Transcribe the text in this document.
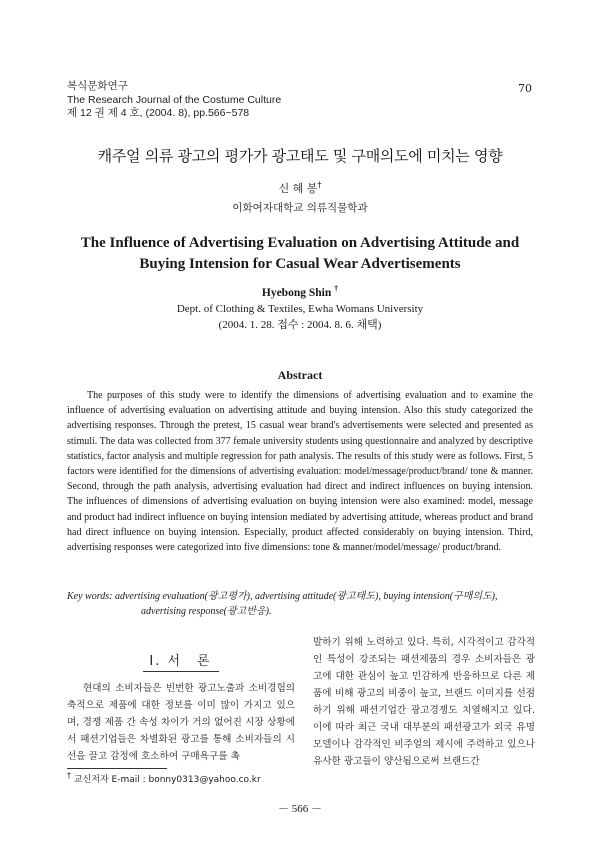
복식문화연구
The Research Journal of the Costume Culture
제 12 권 제 4 호, (2004. 8), pp.566~578
70
캐주얼 의류 광고의 평가가 광고태도 및 구매의도에 미치는 영향
신 혜 봉†
이화여자대학교 의류직물학과
The Influence of Advertising Evaluation on Advertising Attitude and
Buying Intension for Casual Wear Advertisements
Hyebong Shin †
Dept. of Clothing & Textiles, Ewha Womans University
(2004. 1. 28. 접수 : 2004. 8. 6. 채택)
Abstract

The purposes of this study were to identify the dimensions of advertising evaluation and to examine the influence of advertising evaluation on advertising attitude and buying intension. Also this study categorized the advertising responses. Through the pretest, 15 casual wear brand's advertisements were selected and presented as stimuli. The data was collected from 377 female university students using questionnaire and analyzed by descriptive statistics, factor analysis and multiple regression for path analysis. The results of this study were as follows. First, 5 factors were identified for the dimensions of advertising evaluation: model/message/product/brand/ tone & manner. Second, through the path analysis, advertising evaluation had direct and indirect influences on buying intension. The influences of dimensions of advertising evaluation on buying intension were also examined: model, message and product had indirect influence on buying intension mediated by advertising attitude, whereas product and brand had direct influence on buying intension. Especially, product affected considerably on buying intension. Third, advertising responses were categorized into five dimensions: tone & manner/model/message/ product/brand.

Key words: advertising evaluation(광고평가), advertising attitude(광고태도), buying intension(구매의도),
advertising response(광고반응).
Ⅰ. 서　론

현대의 소비자들은 빈번한 광고노출과 소비경험의 축적으로 제품에 대한 정보를 이미 많이 가지고 있으며, 경쟁 제품 간 속성 차이가 거의 없어진 시장 상황에서 패션기업들은 차별화된 광고를 통해 소비자들의 시선을 끌고 감정에 호소하여 구매욕구를 촉

발하기 위해 노력하고 있다. 특히, 시각적이고 감각적인 특성이 강조되는 패션제품의 경우 소비자들은 광고에 대한 관심이 높고 민감하게 반응하므로 다른 제품에 비해 광고의 비중이 높고, 브랜드 이미지를 선점하기 위해 패션기업간 광고경쟁도 치열해지고 있다. 이에 따라 최근 국내 대부분의 패션광고가 외국 유명모델이나 감각적인 비주얼의 제시에 주력하고 있으나 유사한 광고들이 양산됨으로써 브랜드간

† 교신저자 E-mail : bonny0313@yahoo.co.kr
－ 566 －
